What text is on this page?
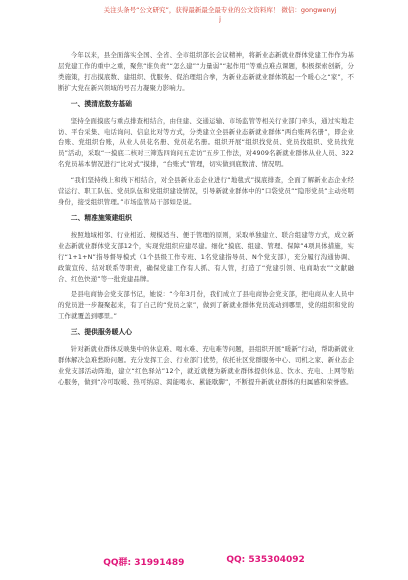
关注头条号“公文研究”，获得最新最全最专业的公文资料库！ 微信：gongwenyj
j

今年以来，县全面落实全国、全省、全市组织部长会议精神，将新业态新就业群体党建工作作为基层党建工作的重中之重，聚焦“谁负责”“怎么建”“力量弱”“起作用”等重点难点课题，积极探索创新，分类施策，打出摸底数、建组织、优服务、促治理组合拳，为新业态新就业群体筑起一个暖心之“家”，不断扩大党在新兴领域的号召力凝聚力影响力。

一、摸清底数夯基础

坚持全面摸底与重点排查相结合，由住建、交通运输、市场监管等相关行业部门牵头，通过实地走访、平台采集、电话询问、信息比对等方式，分类建立全县新业态新就业群体“两台账两名册”，即企业台账、党组织台账，从业人员花名册、党员花名册。组织开展“组织找党员、党员找组织、党员找党员”活动，采取“一摸底二核对三筛选四询问五走访”五步工作法，对4909名新就业群体从业人员、322名党员基本情况进行“比对式”摸排，“台账式”管理，切实做到底数清、情况明。

“我们坚持线上和线下相结合，对全县新业态企业进行“地毯式”摸底排查，全面了解新业态企业经营运行、职工队伍、党员队伍和党组织建设情况，引导新就业群体中的“口袋党员”“隐形党员”主动亮明身份，接受组织管理。”市场监管局干部如是说。

二、精准施策建组织

按照地域相邻、行业相近、规模适当、便于管理的原则，采取单独建立、联合组建等方式，成立新业态新就业群体党支部12个，实现党组织应建尽建。细化“摸底、组建、管理、保障”4项具体措施，实行“1+1+N”指导督导模式（1个县级工作专班、1名党建指导员、N个党支部），充分履行沟通协调、政策宣传、结对联系等职责，确保党建工作有人抓、有人管，打造了“党建引领、电商助农”“文献融合、红色快递”等一批党建品牌。

是县电商协会党支部书记，她说：“今年3月份，我们成立了县电商协会党支部，把电商从业人员中的党员进一步凝聚起来，有了自己的“党员之家”，做到了新就业群体党员流动到哪里，党的组织和党的工作就覆盖到哪里。”

三、提供服务暖人心

针对新就业群体反映集中的休息难、喝水难、充电难等问题，县组织开展“暖新”行动，帮助新就业群体解决急难愁盼问题。充分发挥工会、行业部门优势，依托社区党群服务中心、司机之家、新业态企业党支部活动阵地，建立“红色驿站”12个，就近就便为新就业群体提供休息、饮水、充电、上网等贴心服务，做到“冷可取暖、热可纳凉、渴能喝水、累能歇脚”，不断提升新就业群体的归属感和荣誉感。

QQ群: 31991489	QQ: 535304092
